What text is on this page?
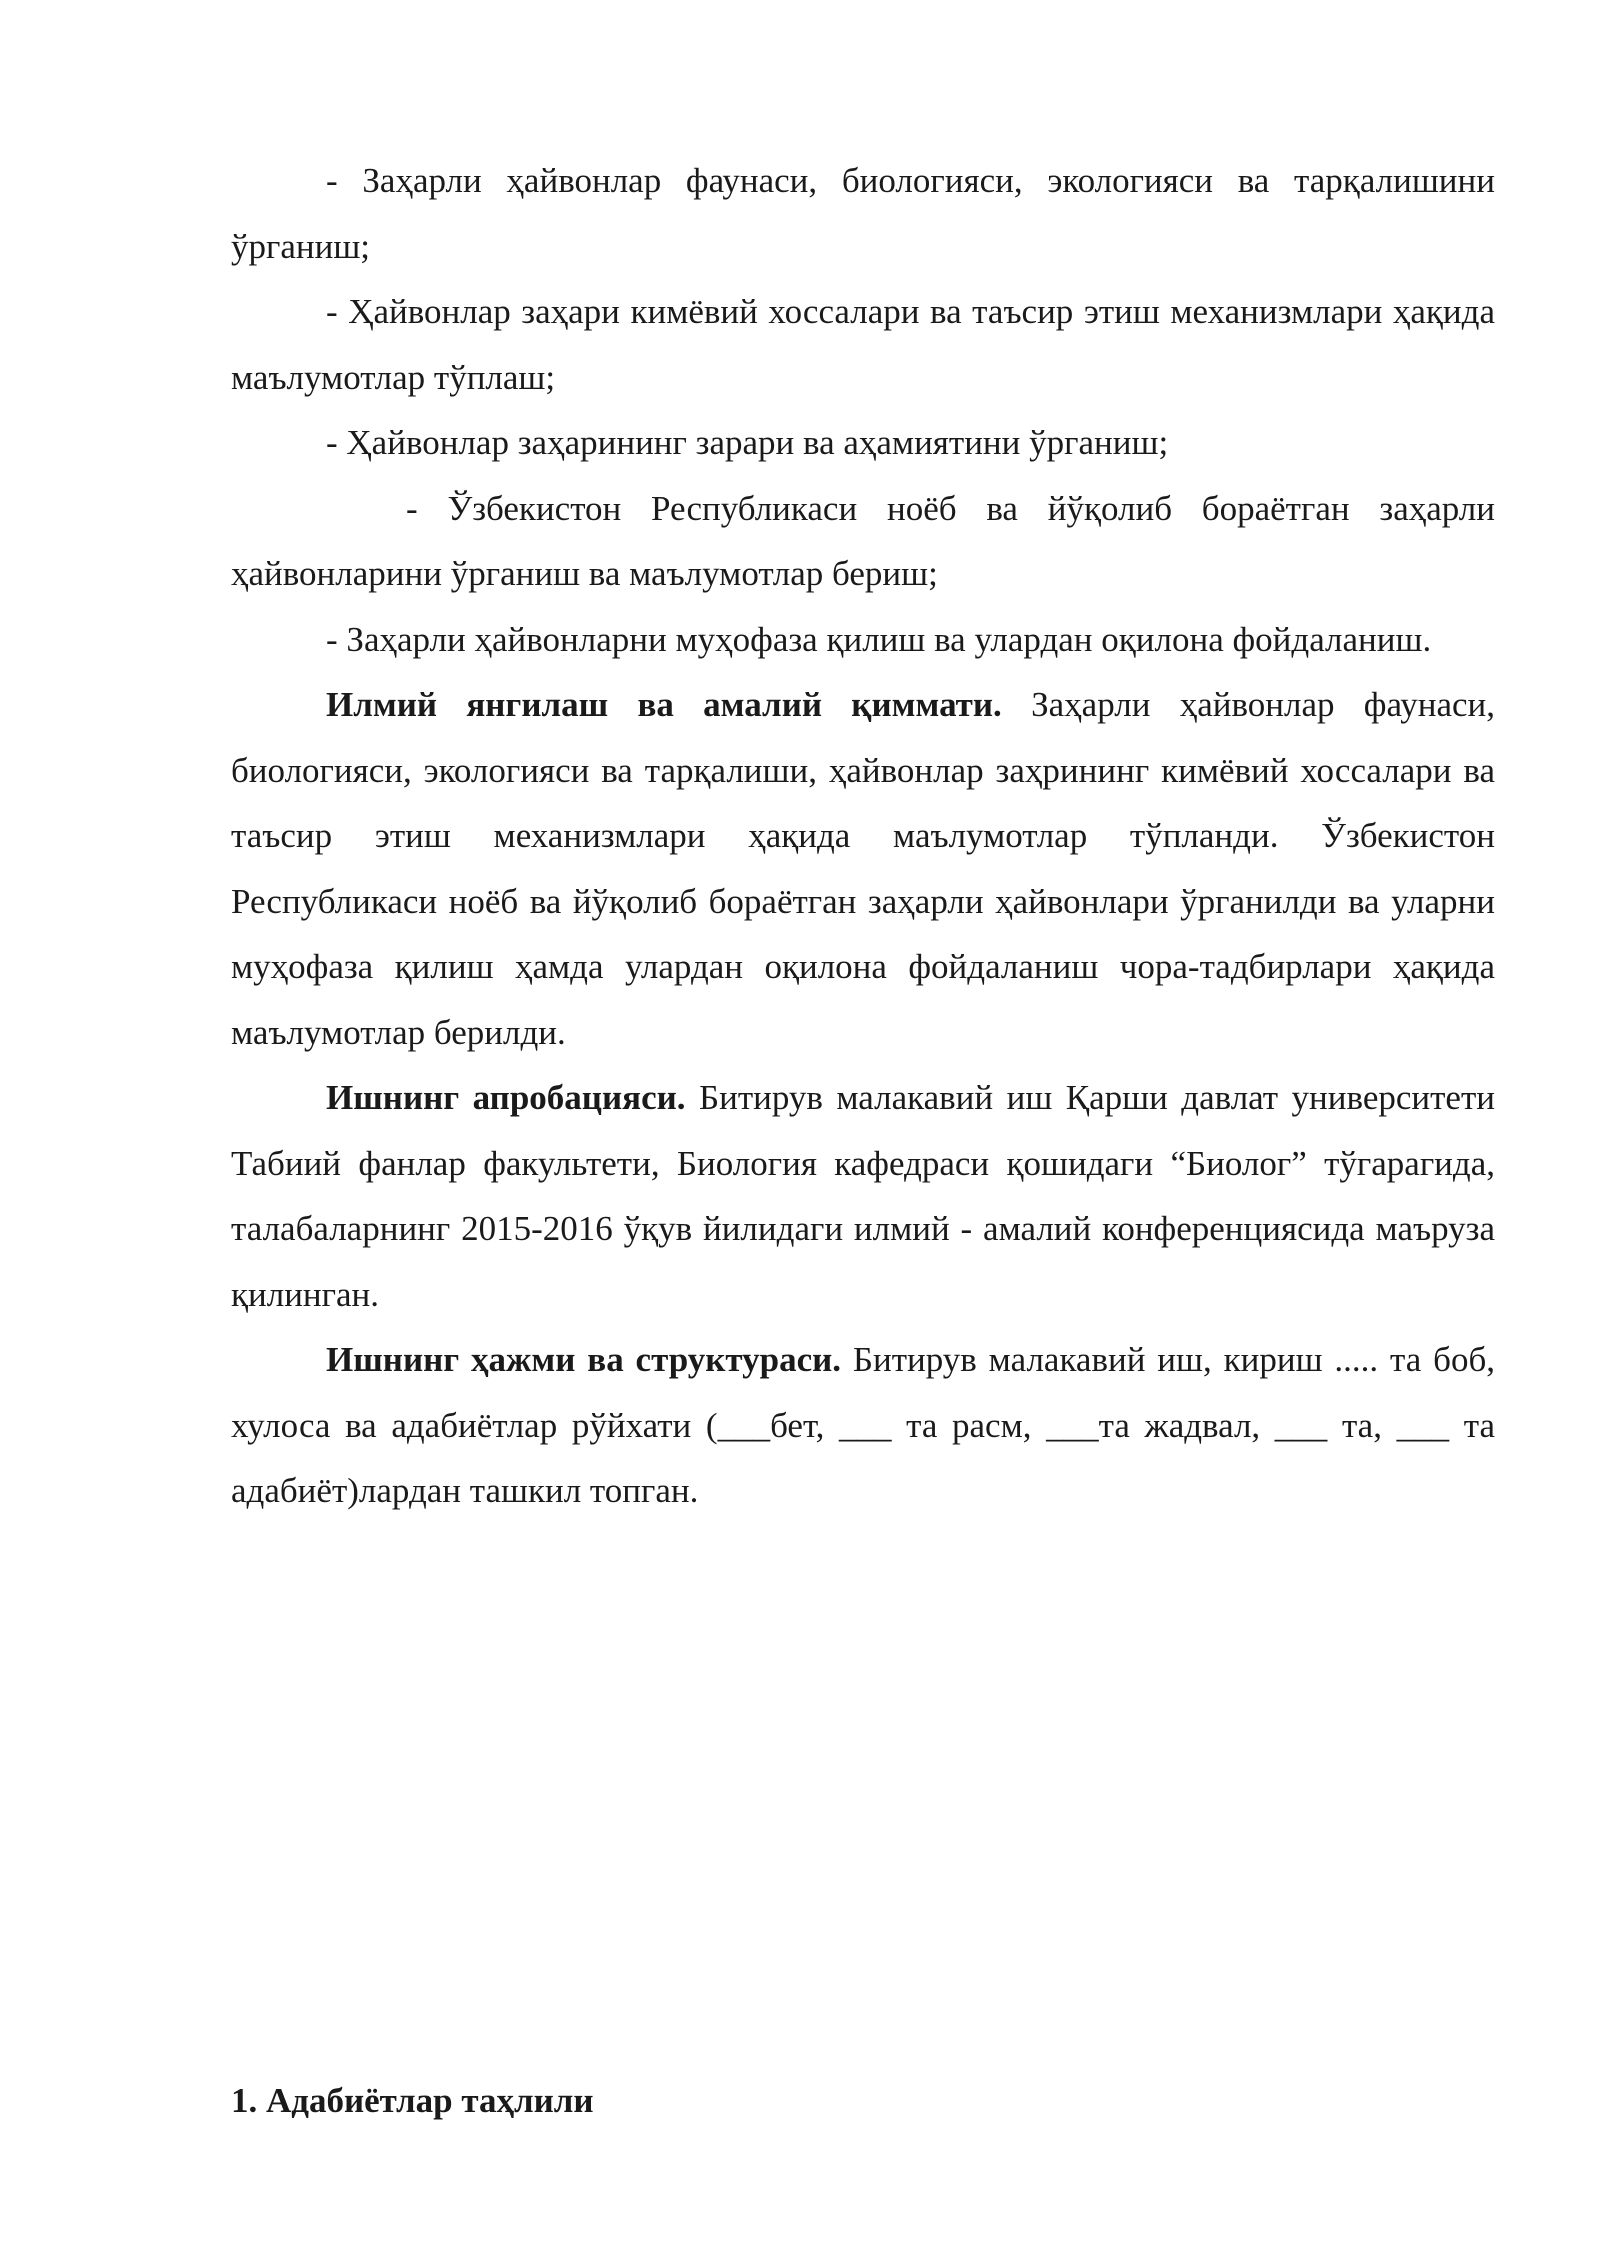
- Заҳарли ҳайвонлар фаунаси, биологияси, экологияси ва тарқалишини ўрганиш;

- Ҳайвонлар заҳари кимёвий хоссалари ва таъсир этиш механизмлари ҳақида маълумотлар тўплаш;

- Ҳайвонлар заҳарининг зарари ва аҳамиятини ўрганиш;

- Ўзбекистон Республикаси ноёб ва йўқолиб бораётган заҳарли ҳайвонларини ўрганиш ва маълумотлар бериш;

- Заҳарли ҳайвонларни муҳофаза қилиш ва улардан оқилона фойдаланиш.

Илмий янгилаш ва амалий қиммати. Заҳарли ҳайвонлар фаунаси, биологияси, экологияси ва тарқалиши, ҳайвонлар заҳрининг кимёвий хоссалари ва таъсир этиш механизмлари ҳақида маълумотлар тўпланди. Ўзбекистон Республикаси ноёб ва йўқолиб бораётган заҳарли ҳайвонлари ўрганилди ва уларни муҳофаза қилиш ҳамда улардан оқилона фойдаланиш чора-тадбирлари ҳақида маълумотлар берилди.

Ишнинг апробацияси. Битирув малакавий иш Қарши давлат университети Табиий фанлар факультети, Биология кафедраси қошидаги “Биолог” тўгарагида, талабаларнинг 2015-2016 ўқув йилидаги илмий - амалий конференциясида маъруза қилинган.

Ишнинг ҳажми ва структураси. Битирув малакавий иш, кириш ..... та боб, хулоса ва адабиётлар рўйхати (___бет, ___ та расм, ___та жадвал, ___ та, ___ та адабиёт)лардан ташкил топган.

1. Адабиётлар таҳлили
